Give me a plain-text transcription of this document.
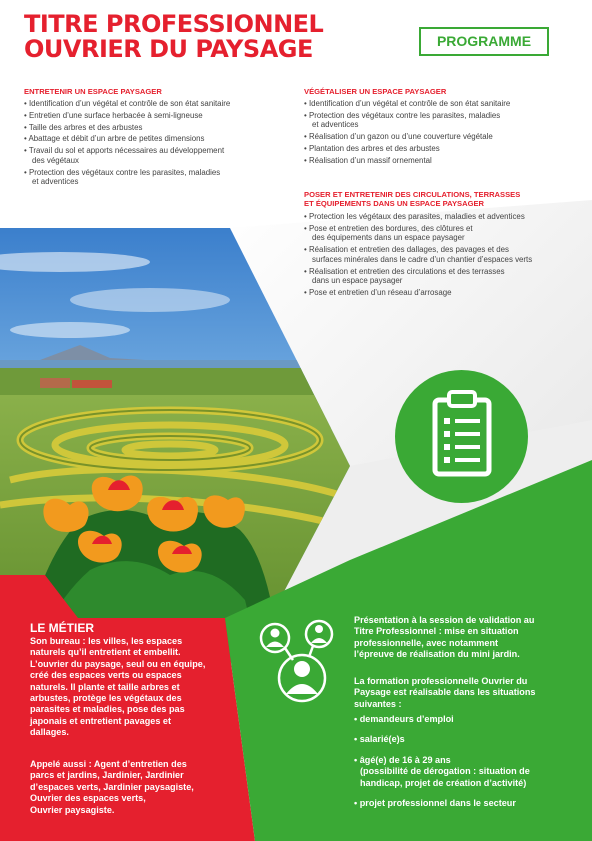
TITRE PROFESSIONNEL
OUVRIER DU PAYSAGE	PROGRAMME
ENTRETENIR UN ESPACE PAYSAGER
• Identification d’un végétal et contrôle de son état sanitaire
• Entretien d’une surface herbacée à semi-ligneuse
• Taille des arbres et des arbustes
• Abattage et débit d’un arbre de petites dimensions
• Travail du sol et apports nécessaires au développement
des végétaux
• Protection des végétaux contre les parasites, maladies
et adventices
VÉGÉTALISER UN ESPACE PAYSAGER
• Identification d’un végétal et contrôle de son état sanitaire
• Protection des végétaux contre les parasites, maladies
et adventices
• Réalisation d’un gazon ou d’une couverture végétale
• Plantation des arbres et des arbustes
• Réalisation d’un massif ornemental
POSER ET ENTRETENIR DES CIRCULATIONS, TERRASSES
ET ÉQUIPEMENTS DANS UN ESPACE PAYSAGER
• Protection les végétaux des parasites, maladies et adventices
• Pose et entretien des bordures, des clôtures et
des équipements dans un espace paysager
• Réalisation et entretien des dallages, des pavages et des
surfaces minérales dans le cadre d’un chantier d’espaces verts
• Réalisation et entretien des circulations et des terrasses
dans un espace paysager
• Pose et entretien d’un réseau d’arrosage
LE MÉTIER
Son bureau : les villes, les espaces
naturels qu’il entretient et embellit.
L’ouvrier du paysage, seul ou en équipe,
créé des espaces verts ou espaces
naturels. Il plante et taille arbres et
arbustes, protège les végétaux des
parasites et maladies, pose des pas
japonais et entretient pavages et
dallages.
Appelé aussi : Agent d’entretien des
parcs et jardins, Jardinier, Jardinier
d’espaces verts, Jardinier paysagiste,
Ouvrier des espaces verts,
Ouvrier paysagiste.
Présentation à la session de validation au
Titre Professionnel : mise en situation
professionnelle, avec notamment
l’épreuve de réalisation du mini jardin.
La formation professionnelle Ouvrier du
Paysage est réalisable dans les situations
suivantes :
• demandeurs d’emploi
• salarié(e)s
• âgé(e) de 16 à 29 ans
(possibilité de dérogation : situation de
handicap, projet de création d’activité)
• projet professionnel dans le secteur
